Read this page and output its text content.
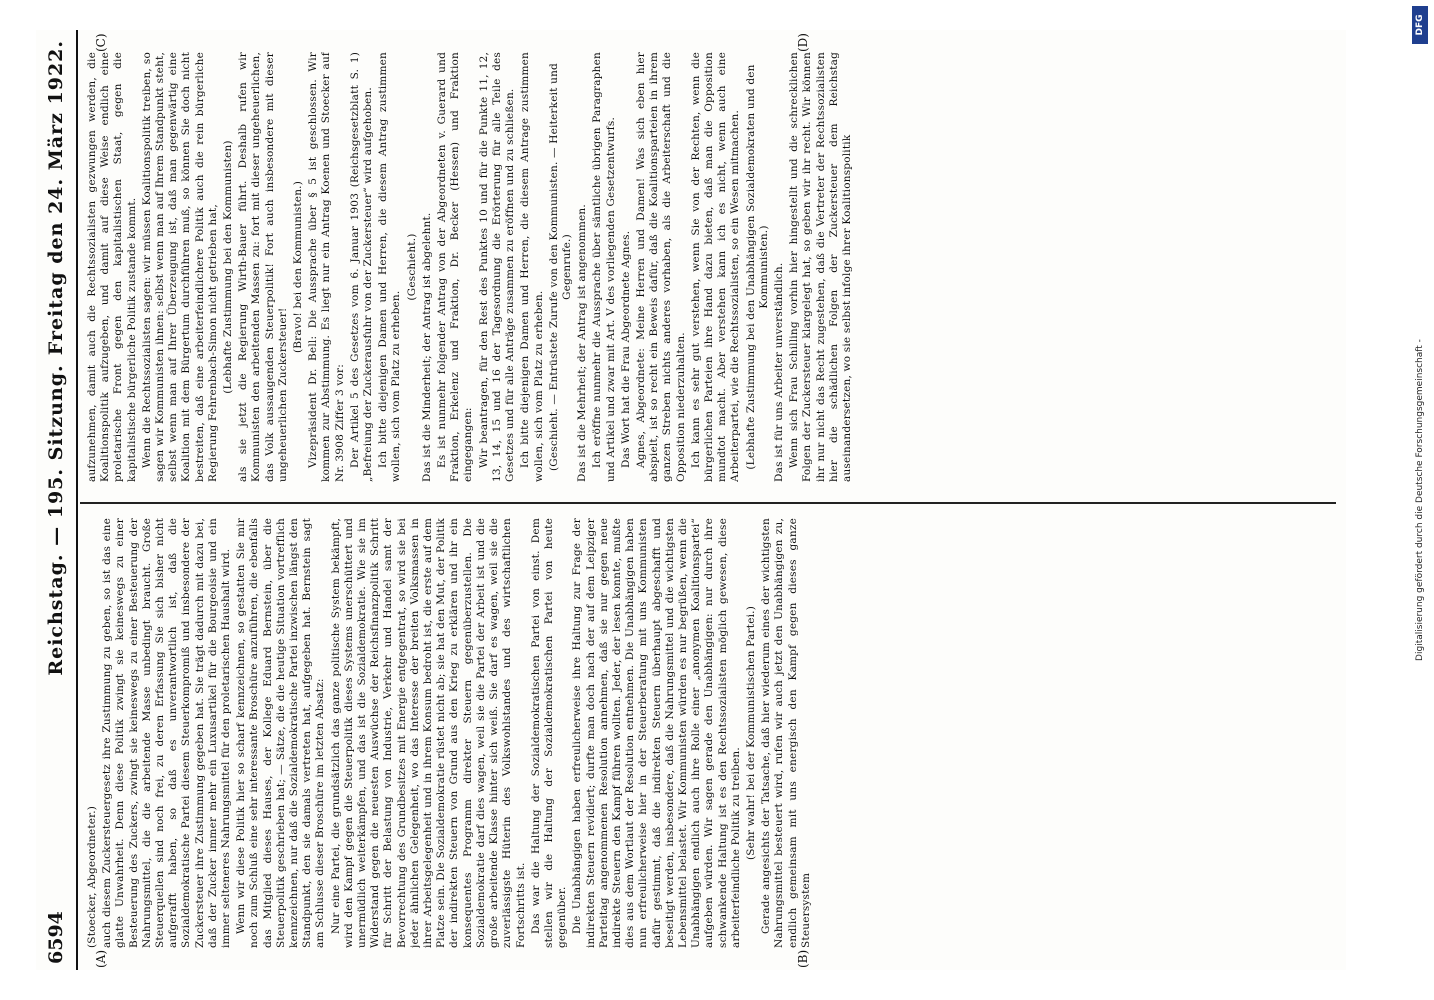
6594
Reichstag. — 195. Sitzung.
Freitag den 24. März 1922.
(A)	(B)
(C)	(D)

(Stoecker, Abgeordneter.) auch diesem Zuckersteuergesetz ihre Zustimmung zu geben, so ist das eine glatte Unwahrheit. Denn diese Politik zwingt sie keineswegs zu einer Besteuerung des Zuckers, zwingt sie keineswegs zu einer Besteuerung der Nahrungsmittel, die die arbeitende Masse unbedingt braucht. Große Steuerquellen sind noch frei, zu deren Erfassung Sie sich bisher nicht aufgerafft haben, so daß es unverantwortlich ist, daß die Sozialdemokratische Partei diesem Steuerkompromiß und insbesondere der Zuckersteuer ihre Zustimmung gegeben hat. Sie trägt dadurch mit dazu bei, daß der Zucker immer mehr ein Luxusartikel für die Bourgeoisie und ein immer selteneres Nahrungsmittel für den proletarischen Haushalt wird. Wenn wir diese Politik hier so scharf kennzeichnen, so gestatten Sie mir noch zum Schluß eine sehr interessante Broschüre anzuführen, die ebenfalls das Mitglied dieses Hauses, der Kollege Eduard Bernstein, über die Steuerpolitik geschrieben hat; — Sätze, die die heutige Situation vortrefflich kennzeichnen, nur daß die Sozialdemokratische Partei inzwischen längst den Standpunkt, den sie damals vertreten hat, aufgegeben hat. Bernstein sagt am Schlusse dieser Broschüre im letzten Absatz: Nur eine Partei, die grundsätzlich das ganze politische System bekämpft, wird den Kampf gegen die Steuerpolitik dieses Systems unerschüttert und unermüdlich weiterkämpfen, und das ist die Sozialdemokratie. Wie sie im Widerstand gegen die neuesten Auswüchse der Reichsfinanzpolitik Schritt für Schritt der Belastung von Industrie, Verkehr und Handel samt der Bevorrechtung des Grundbesitzes mit Energie entgegentrat, so wird sie bei jeder ähnlichen Gelegenheit, wo das Interesse der breiten Volksmassen in ihrer Arbeitsgelegenheit und in ihrem Konsum bedroht ist, die erste auf dem Platze sein. Die Sozialdemokratie rüstet nicht ab; sie hat den Mut, der Politik der indirekten Steuern von Grund aus den Krieg zu erklären und ihr ein konsequentes Programm direkter Steuern gegenüberzustellen. Die Sozialdemokratie darf dies wagen, weil sie die Partei der Arbeit ist und die große arbeitende Klasse hinter sich weiß. Sie darf es wagen, weil sie die zuverlässigste Hüterin des Volkswohlstandes und des wirtschaftlichen Fortschritts ist. Das war die Haltung der Sozialdemokratischen Partei von einst. Dem stellen wir die Haltung der Sozialdemokratischen Partei von heute gegenüber. Die Unabhängigen haben erfreulicherweise ihre Haltung zur Frage der indirekten Steuern revidiert; durfte man doch nach der auf dem Leipziger Parteitag angenommenen Resolution annehmen, daß sie nur gegen neue indirekte Steuern den Kampf führen wollten. Jeder, der lesen konnte, mußte dies aus dem Wortlaut der Resolution entnehmen. Die Unabhängigen haben nun erfreulicherweise hier in der Steuerberatung mit uns Kommunisten dafür gestimmt, daß die indirekten Steuern überhaupt abgeschafft und beseitigt werden, insbesondere, daß die Nahrungsmittel und die wichtigsten Lebensmittel belastet. Wir Kommunisten würden es nur begrüßen, wenn die Unabhängigen endlich auch ihre Rolle einer „anonymen Koalitionspartei“ aufgeben würden. Wir sagen gerade den Unabhängigen: nur durch ihre schwankende Haltung ist es den Rechtssozialisten möglich gewesen, diese arbeiterfeindliche Politik zu treiben. (Sehr wahr! bei der Kommunistischen Partei.) Gerade angesichts der Tatsache, daß hier wiederum eines der wichtigsten Nahrungsmittel besteuert wird, rufen wir auch jetzt den Unabhängigen zu, endlich gemeinsam mit uns energisch den Kampf gegen dieses ganze Steuersystem

aufzunehmen, damit auch die Rechtssozialisten gezwungen werden, die Koalitionspolitik aufzugeben, und damit auf diese Weise endlich eine proletarische Front gegen den kapitalistischen Staat, gegen die kapitalistische bürgerliche Politik zustande kommt. Wenn die Rechtssozialisten sagen: wir müssen Koalitionspolitik treiben, so sagen wir Kommunisten ihnen: selbst wenn man auf Ihrem Standpunkt steht, selbst wenn man auf Ihrer Überzeugung ist, daß man gegenwärtig eine Koalition mit dem Bürgertum durchführen muß, so können Sie doch nicht bestreiten, daß eine arbeiterfeindlichere Politik auch die rein bürgerliche Regierung Fehrenbach-Simon nicht getrieben hat, (Lebhafte Zustimmung bei den Kommunisten) als sie jetzt die Regierung Wirth-Bauer führt. Deshalb rufen wir Kommunisten den arbeitenden Massen zu: fort mit dieser ungeheuerlichen, das Volk aussaugenden Steuerpolitik! Fort auch insbesondere mit dieser ungeheuerlichen Zuckersteuer!

(Bravo! bei den Kommunisten.) Vizepräsident Dr. Bell: Die Aussprache über § 5 ist geschlossen. Wir kommen zur Abstimmung. Es liegt nur ein Antrag Koenen und Stoecker auf Nr. 3908 Ziffer 3 vor: Der Artikel 5 des Gesetzes vom 6. Januar 1903 (Reichsgesetzblatt S. 1) „Befreiung der Zuckerausfuhr von der Zuckersteuer“ wird aufgehoben. Ich bitte diejenigen Damen und Herren, die diesem Antrag zustimmen wollen, sich vom Platz zu erheben.

(Geschieht.) Das ist die Minderheit; der Antrag ist abgelehnt. Es ist nunmehr folgender Antrag von der Abgeordneten v. Guerard und Fraktion, Erkelenz und Fraktion, Dr. Becker (Hessen) und Fraktion eingegangen: Wir beantragen, für den Rest des Punktes 10 und für die Punkte 11, 12, 13, 14, 15 und 16 der Tagesordnung die Erörterung für alle Teile des Gesetzes und für alle Anträge zusammen zu eröffnen und zu schließen. Ich bitte diejenigen Damen und Herren, die diesem Antrage zustimmen wollen, sich vom Platz zu erheben. (Geschieht. — Entrüstete Zurufe von den Kommunisten. — Heiterkeit und Gegenrufe.) Das ist die Mehrheit; der Antrag ist angenommen. Ich eröffne nunmehr die Aussprache über sämtliche übrigen Paragraphen und Artikel und zwar mit Art. V des vorliegenden Gesetzentwurfs. Das Wort hat die Frau Abgeordnete Agnes. Agnes, Abgeordnete: Meine Herren und Damen! Was sich eben hier abspielt, ist so recht ein Beweis dafür, daß die Koalitionsparteien in ihrem ganzen Streben nichts anderes vorhaben, als die Arbeiterschaft und die Opposition niederzuhalten. Ich kann es sehr gut verstehen, wenn Sie von der Rechten, wenn die bürgerlichen Parteien ihre Hand dazu bieten, daß man die Opposition mundtot macht. Aber verstehen kann ich es nicht, wenn auch eine Arbeiterpartei, wie die Rechtssozialisten, so ein Wesen mitmachen. (Lebhafte Zustimmung bei den Unabhängigen Sozialdemokraten und den Kommunisten.) Das ist für uns Arbeiter unverständlich. Wenn sich Frau Schilling vorhin hier hingestellt und die schrecklichen Folgen der Zuckersteuer klargelegt hat, so geben wir ihr recht. Wir können ihr nur nicht das Recht zugestehen, daß die Vertreter der Rechtssozialisten hier die schädlichen Folgen der Zuckersteuer dem Reichstag auseinandersetzen, wo sie selbst infolge ihrer Koalitionspolitik

DFG
Digitalisierung gefördert durch die Deutsche Forschungsgemeinschaft -
